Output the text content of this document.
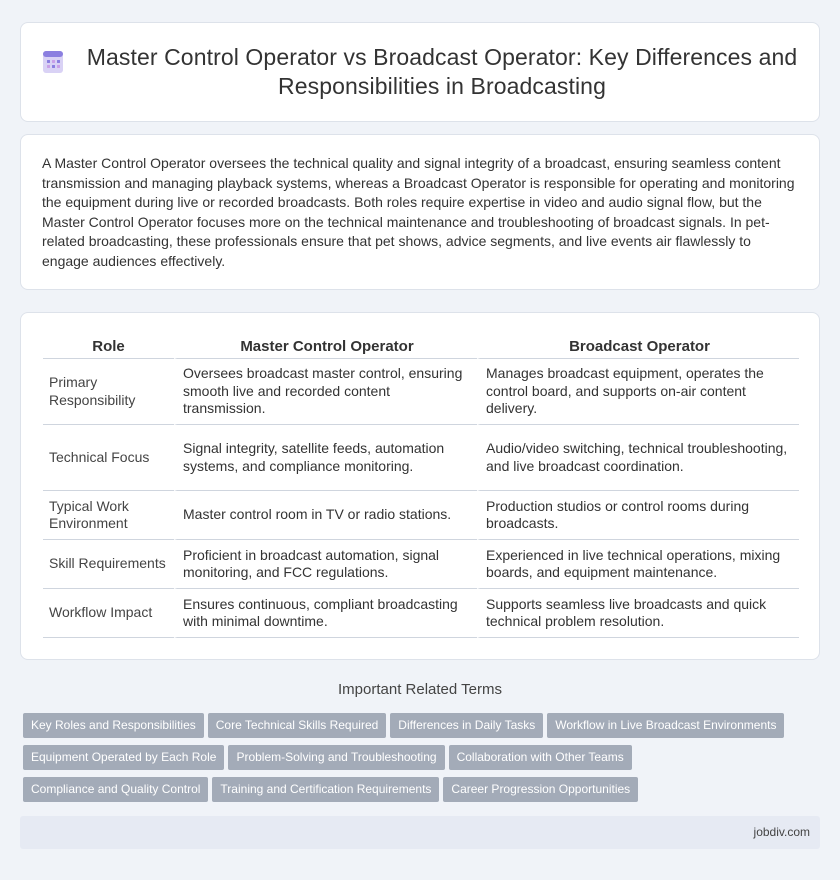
Master Control Operator vs Broadcast Operator: Key Differences and Responsibilities in Broadcasting

A Master Control Operator oversees the technical quality and signal integrity of a broadcast, ensuring seamless content transmission and managing playback systems, whereas a Broadcast Operator is responsible for operating and monitoring the equipment during live or recorded broadcasts. Both roles require expertise in video and audio signal flow, but the Master Control Operator focuses more on the technical maintenance and troubleshooting of broadcast signals. In pet-related broadcasting, these professionals ensure that pet shows, advice segments, and live events air flawlessly to engage audiences effectively.

Role	Master Control Operator	Broadcast Operator
Primary Responsibility	Oversees broadcast master control, ensuring smooth live and recorded content transmission.	Manages broadcast equipment, operates the control board, and supports on-air content delivery.
Technical Focus	Signal integrity, satellite feeds, automation systems, and compliance monitoring.	Audio/video switching, technical troubleshooting, and live broadcast coordination.
Typical Work Environment	Master control room in TV or radio stations.	Production studios or control rooms during broadcasts.
Skill Requirements	Proficient in broadcast automation, signal monitoring, and FCC regulations.	Experienced in live technical operations, mixing boards, and equipment maintenance.
Workflow Impact	Ensures continuous, compliant broadcasting with minimal downtime.	Supports seamless live broadcasts and quick technical problem resolution.
Important Related Terms
Key Roles and Responsibilities Core Technical Skills Required Differences in Daily Tasks Workflow in Live Broadcast Environments
Equipment Operated by Each Role Problem-Solving and Troubleshooting Collaboration with Other Teams
Compliance and Quality Control Training and Certification Requirements Career Progression Opportunities
jobdiv.com
